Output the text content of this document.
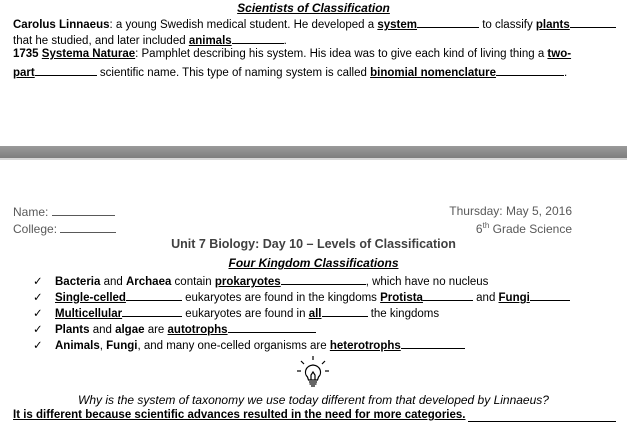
Scientists of Classification
Carolus Linnaeus: a young Swedish medical student. He developed a system	to classify plants
that he studied, and later included animals	.
1735 Systema Naturae: Pamphlet describing his system. His idea was to give each kind of living thing a two-
part	scientific name. This type of naming system is called binomial nomenclature	.
Name:
College:
Thursday: May 5, 2016
6th Grade Science
Unit 7 Biology: Day 10 – Levels of Classification
Four Kingdom Classifications
✓ Bacteria and Archaea contain prokaryotes	, which have no nucleus
✓ Single-celled	eukaryotes are found in the kingdoms Protista	and Fungi
✓ Multicellular	eukaryotes are found in all	the kingdoms
✓ Plants and algae are autotrophs
✓ Animals, Fungi, and many one-celled organisms are heterotrophs
Why is the system of taxonomy we use today different from that developed by Linnaeus?
It is different because scientific advances resulted in the need for more categories.
